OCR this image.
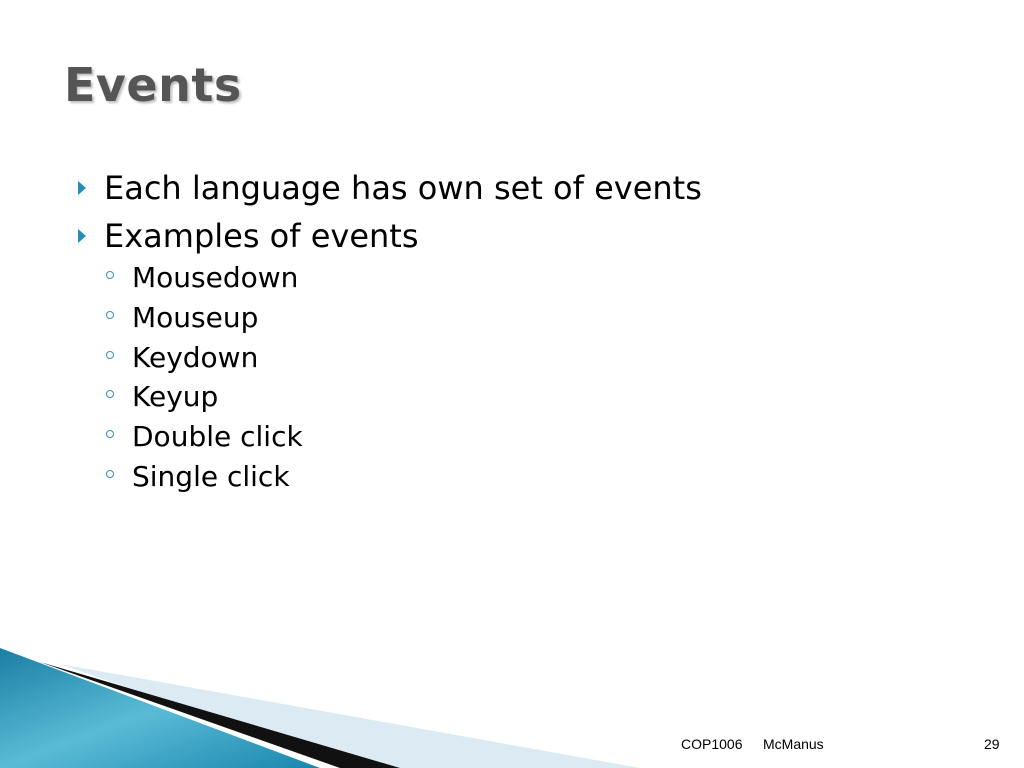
Events
Each language has own set of events
Examples of events
Mousedown
Mouseup
Keydown
Keyup
Double click
Single click
COP1006 McManus	29
